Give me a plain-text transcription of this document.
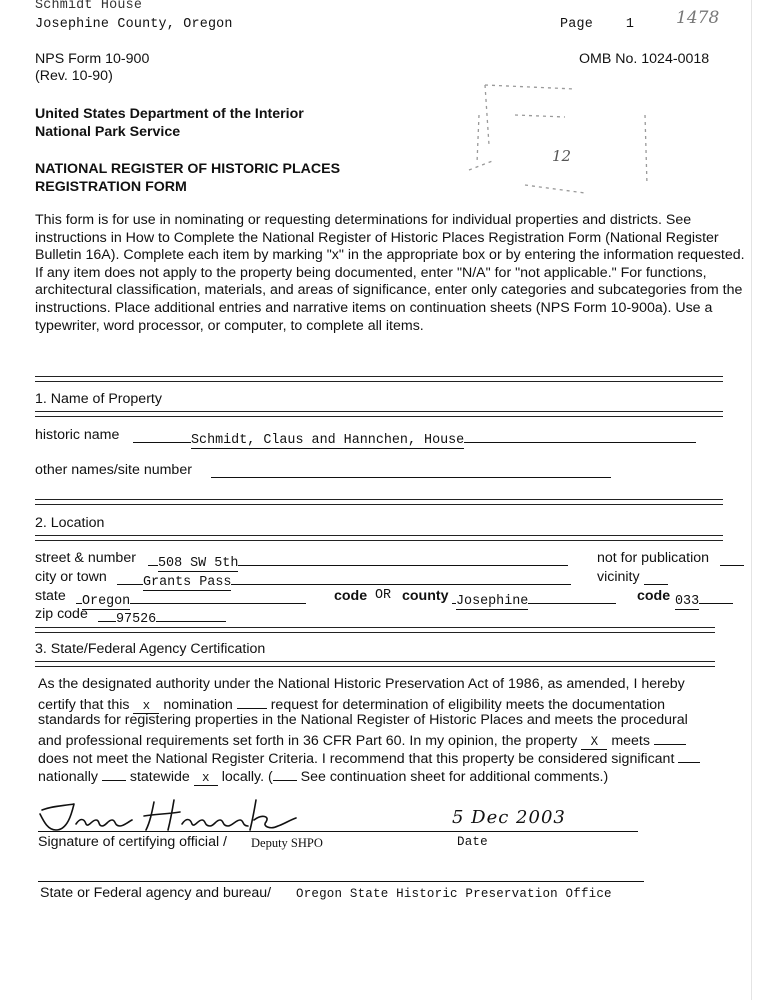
Schmidt House
Josephine County, Oregon	Page 1 1478
NPS Form 10-900
(Rev. 10-90)
OMB No. 1024-0018
United States Department of the Interior
National Park Service
NATIONAL REGISTER OF HISTORIC PLACES
REGISTRATION FORM
12
This form is for use in nominating or requesting determinations for individual properties and districts. See instructions in How to Complete the National Register of Historic Places Registration Form (National Register Bulletin 16A). Complete each item by marking "x" in the appropriate box or by entering the information requested. If any item does not apply to the property being documented, enter "N/A" for "not applicable." For functions, architectural classification, materials, and areas of significance, enter only categories and subcategories from the instructions. Place additional entries and narrative items on continuation sheets (NPS Form 10-900a). Use a typewriter, word processor, or computer, to complete all items.
1. Name of Property
historic name	Schmidt, Claus and Hannchen, House
other names/site number
2. Location
street & number	508 SW 5th	not for publication
city or town	Grants Pass	vicinity
state	Oregon	code OR county Josephine	code 033
zip code	97526
3. State/Federal Agency Certification
As the designated authority under the National Historic Preservation Act of 1986, as amended, I hereby
certify that this x nomination	request for determination of eligibility meets the documentation
standards for registering properties in the National Register of Historic Places and meets the procedural
and professional requirements set forth in 36 CFR Part 60. In my opinion, the property X meets
does not meet the National Register Criteria. I recommend that this property be considered significant
nationally statewide x locally. ( See continuation sheet for additional comments.)
5 Dec 2003
Signature of certifying official / Deputy SHPO	Date
State or Federal agency and bureau/ Oregon State Historic Preservation Office
